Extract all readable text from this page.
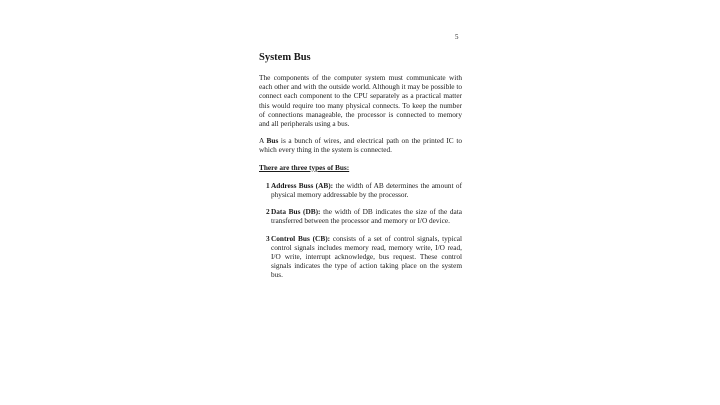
5
System Bus

The components of the computer system must communicate with each other and with the outside world. Although it may be possible to connect each component to the CPU separately as a practical matter this would require too many physical connects. To keep the number of connections manageable, the processor is connected to memory and all peripherals using a bus.

A Bus is a bunch of wires, and electrical path on the printed IC to which every thing in the system is connected.

There are three types of Bus:
1 Address Buss (AB): the width of AB determines the amount of physical memory addressable by the processor.
2 Data Bus (DB): the width of DB indicates the size of the data transferred between the processor and memory or I/O device.
3 Control Bus (CB): consists of a set of control signals, typical control signals includes memory read, memory write, I/O read, I/O write, interrupt acknowledge, bus request. These control signals indicates the type of action taking place on the system bus.
